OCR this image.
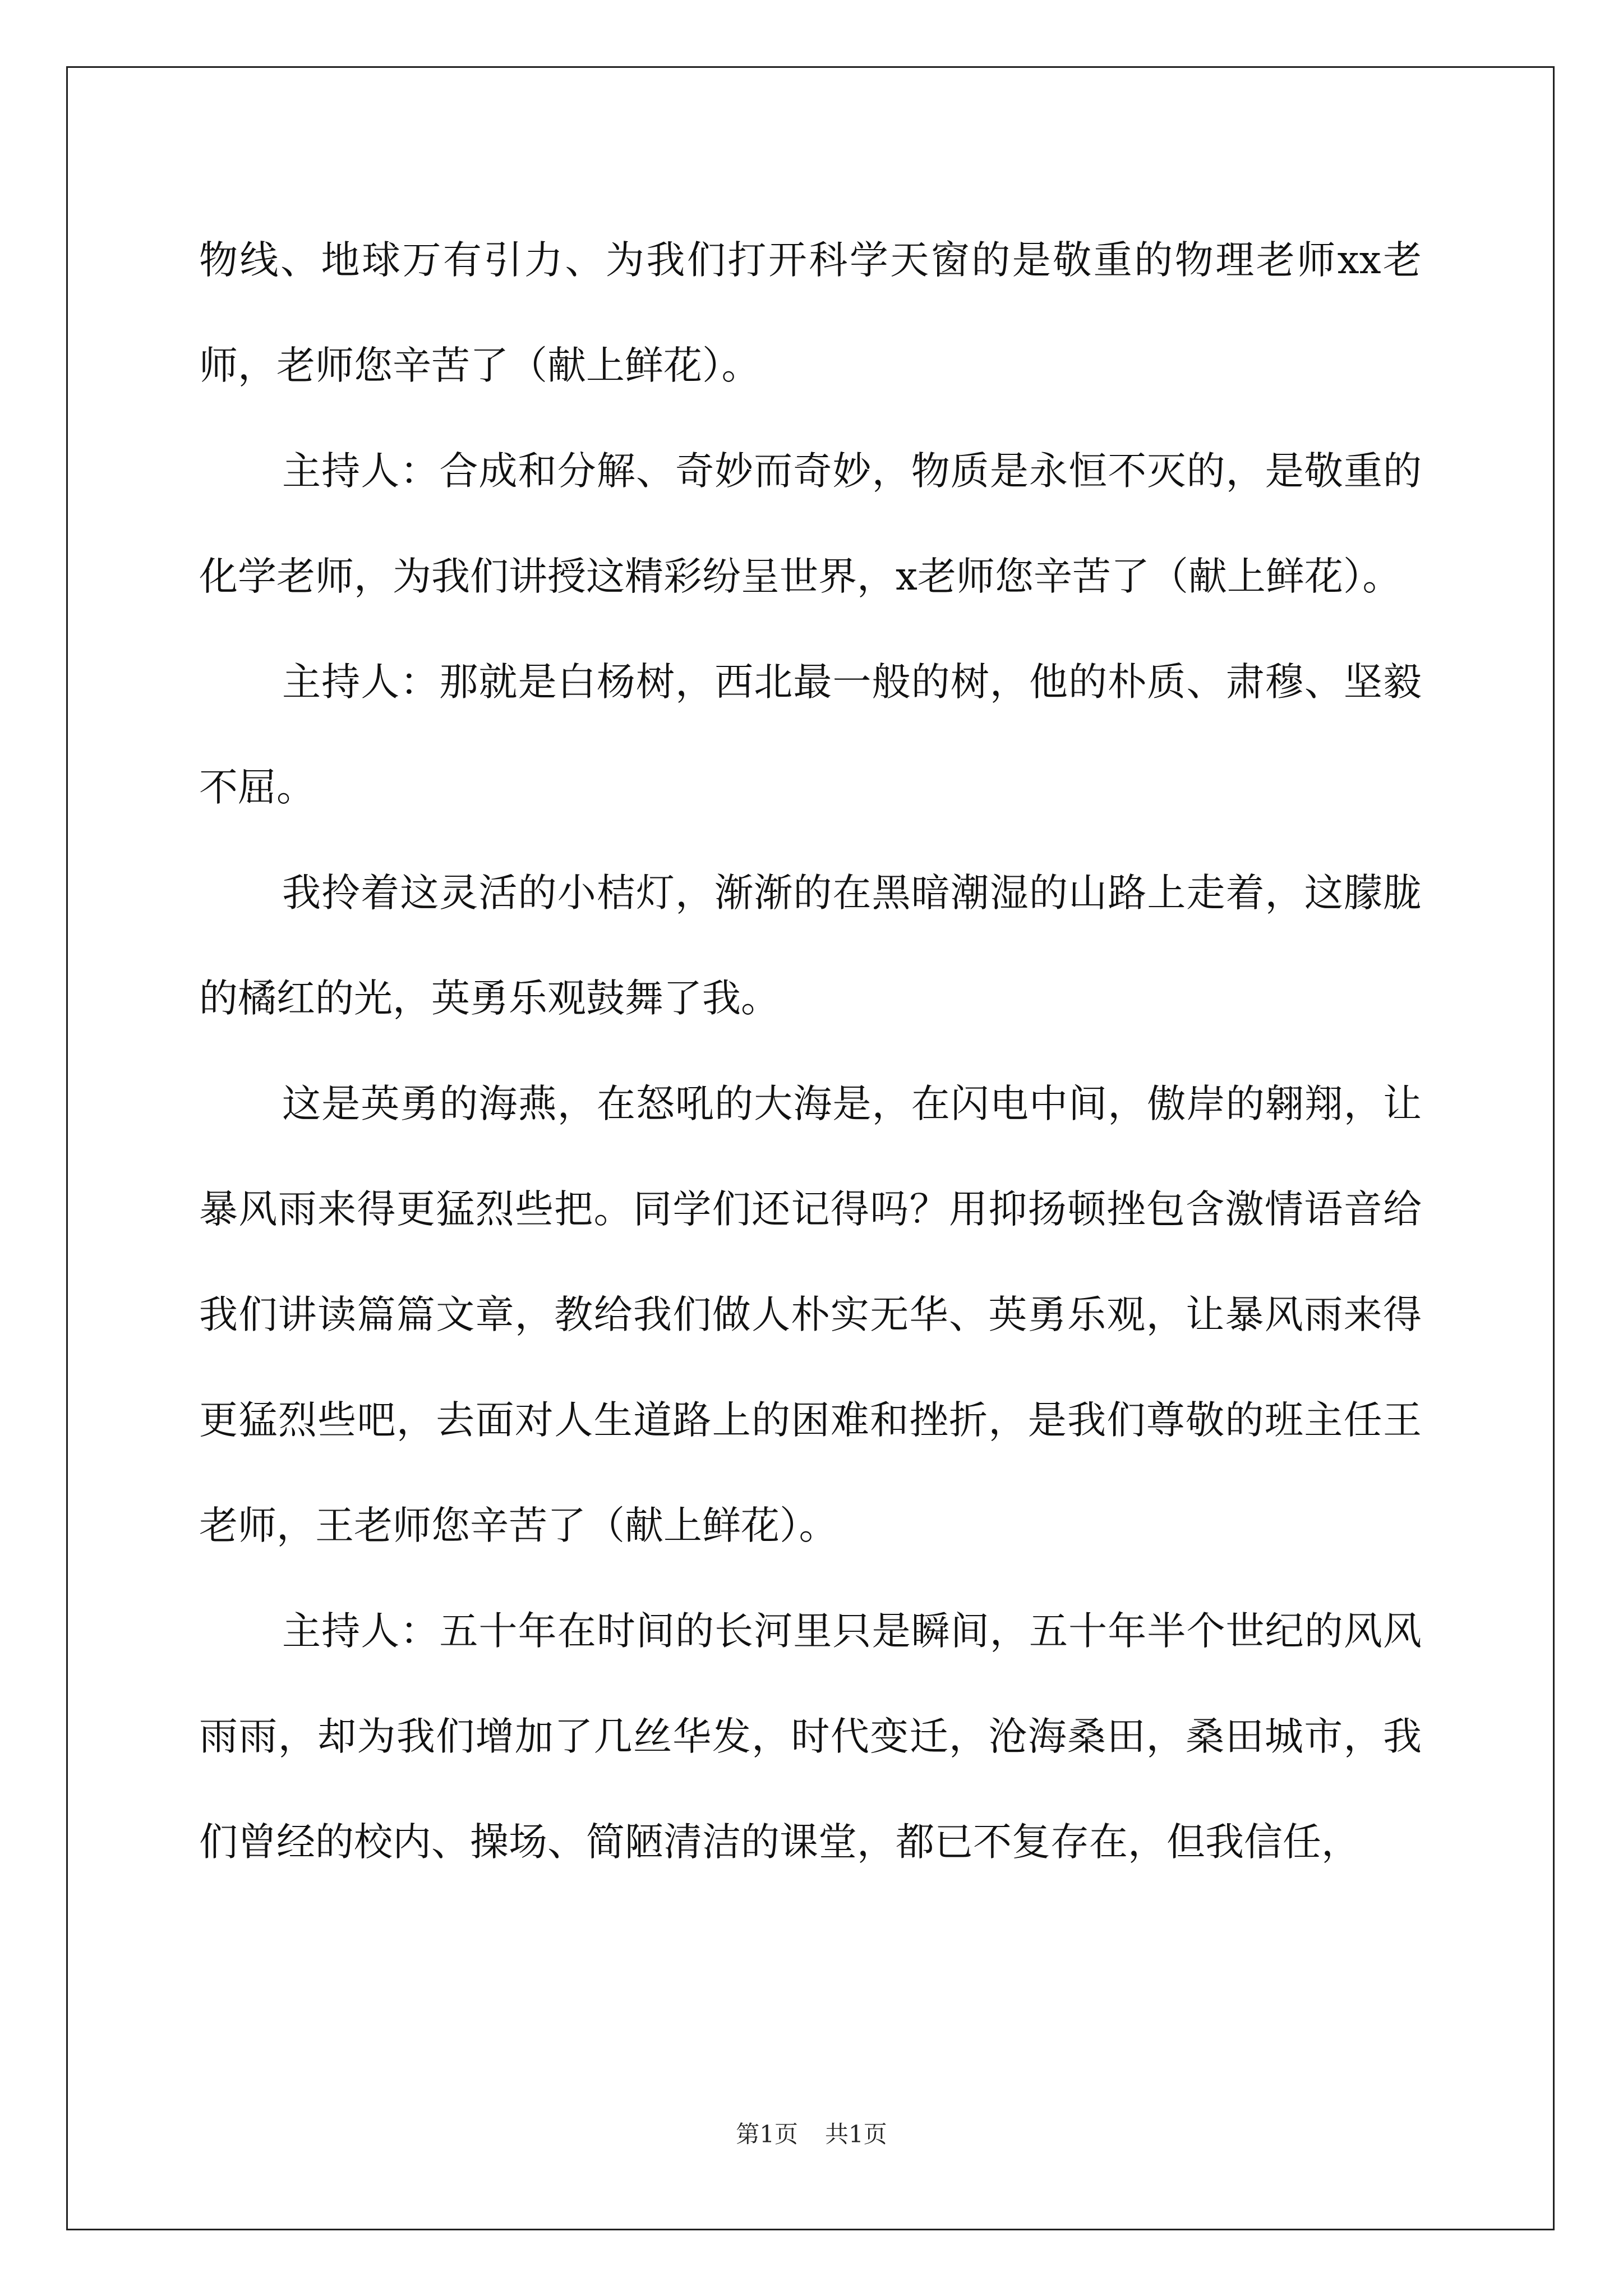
物线、地球万有引力、为我们打开科学天窗的是敬重的物理老师xx老师，老师您辛苦了（献上鲜花）。

主持人：合成和分解、奇妙而奇妙，物质是永恒不灭的，是敬重的化学老师，为我们讲授这精彩纷呈世界，x老师您辛苦了（献上鲜花）。

主持人：那就是白杨树，西北最一般的树，他的朴质、肃穆、坚毅不屈。

我拎着这灵活的小桔灯，渐渐的在黑暗潮湿的山路上走着，这朦胧的橘红的光，英勇乐观鼓舞了我。

这是英勇的海燕，在怒吼的大海是，在闪电中间，傲岸的翱翔，让暴风雨来得更猛烈些把。同学们还记得吗？用抑扬顿挫包含激情语音给我们讲读篇篇文章，教给我们做人朴实无华、英勇乐观，让暴风雨来得更猛烈些吧，去面对人生道路上的困难和挫折，是我们尊敬的班主任王老师，王老师您辛苦了（献上鲜花）。

主持人：五十年在时间的长河里只是瞬间，五十年半个世纪的风风雨雨，却为我们增加了几丝华发，时代变迁，沧海桑田，桑田城市，我们曾经的校内、操场、简陋清洁的课堂，都已不复存在，但我信任，

第1页 共1页
